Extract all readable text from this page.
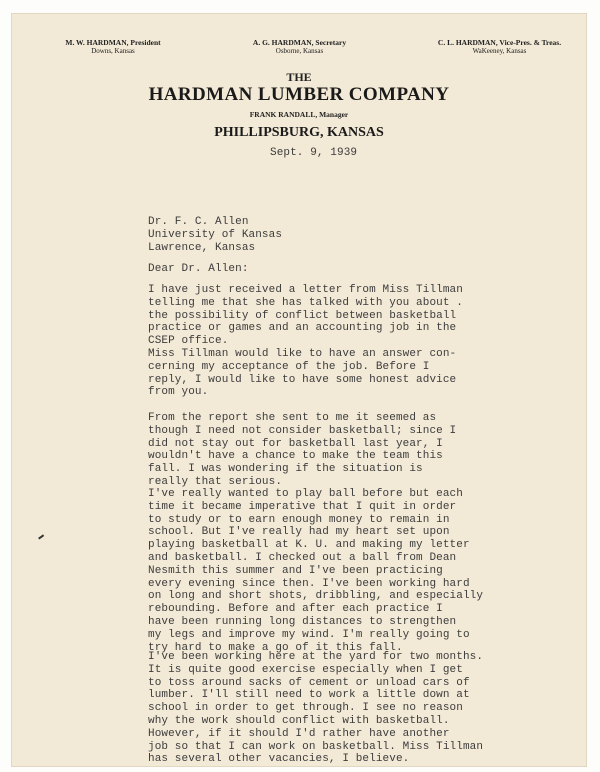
M. W. HARDMAN, President
Downs, Kansas
A. G. HARDMAN, Secretary
Osborne, Kansas
C. L. HARDMAN, Vice-Pres. & Treas.
WaKeeney, Kansas
THE
HARDMAN LUMBER COMPANY
FRANK RANDALL, Manager
PHILLIPSBURG, KANSAS
Sept. 9, 1939
Dr. F. C. Allen
University of Kansas
Lawrence, Kansas
Dear Dr. Allen:

I have just received a letter from Miss Tillman
telling me that she has talked with you about .
the possibility of conflict between basketball
practice or games and an accounting job in the
CSEP office.

Miss Tillman would like to have an answer con-
cerning my acceptance of the job. Before I
reply, I would like to have some honest advice
from you.

From the report she sent to me it seemed as
though I need not consider basketball; since I
did not stay out for basketball last year, I
wouldn't have a chance to make the team this
fall. I was wondering if the situation is
really that serious.

I've really wanted to play ball before but each
time it became imperative that I quit in order
to study or to earn enough money to remain in
school. But I've really had my heart set upon
playing basketball at K. U. and making my letter
and basketball. I checked out a ball from Dean
Nesmith this summer and I've been practicing
every evening since then. I've been working hard
on long and short shots, dribbling, and especially
rebounding. Before and after each practice I
have been running long distances to strengthen
my legs and improve my wind. I'm really going to
try hard to make a go of it this fall.

I've been working here at the yard for two months.
It is quite good exercise especially when I get
to toss around sacks of cement or unload cars of
lumber. I'll still need to work a little down at
school in order to get through. I see no reason
why the work should conflict with basketball.
However, if it should I'd rather have another
job so that I can work on basketball. Miss Tillman
has several other vacancies, I believe.
